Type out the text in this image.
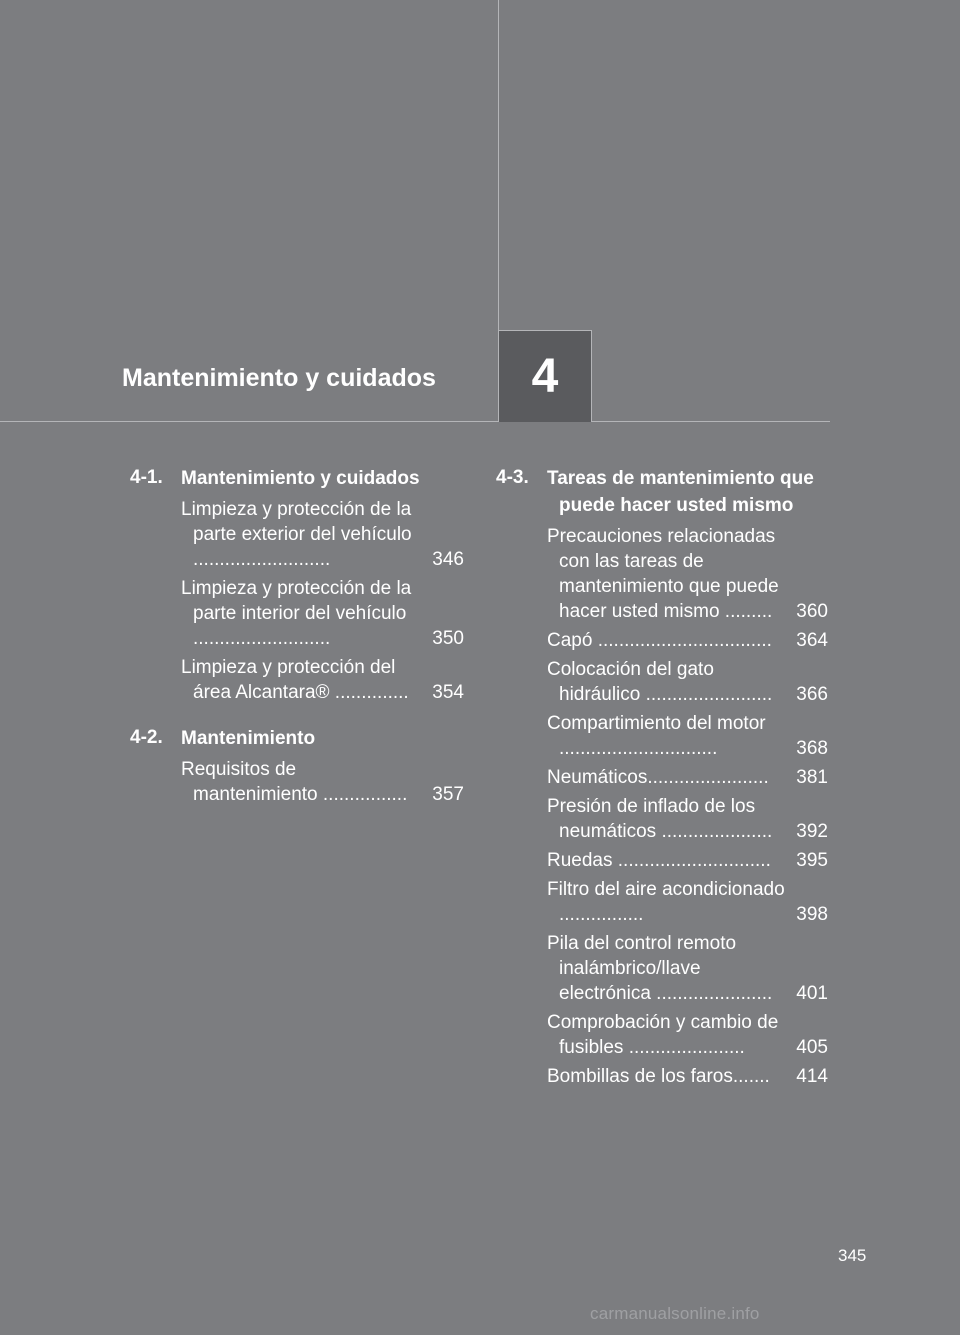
4
Mantenimiento y cuidados
4-1. Mantenimiento y cuidados
Limpieza y protección de la parte exterior del vehículo ..........................	346
Limpieza y protección de la parte interior del vehículo ..........................	350
Limpieza y protección del área Alcantara® ..............	354
4-2. Mantenimiento
Requisitos de mantenimiento ................	357
4-3. Tareas de mantenimiento que puede hacer usted mismo
Precauciones relacionadas con las tareas de mantenimiento que puede hacer usted mismo .........	360
Capó .................................	364
Colocación del gato hidráulico ........................	366
Compartimiento del motor ..............................	368
Neumáticos.......................	381
Presión de inflado de los neumáticos .....................	392
Ruedas .............................	395
Filtro del aire acondicionado ................	398
Pila del control remoto inalámbrico/llave electrónica ......................	401
Comprobación y cambio de fusibles ......................	405
Bombillas de los faros.......	414
345
carmanualsonline.info
